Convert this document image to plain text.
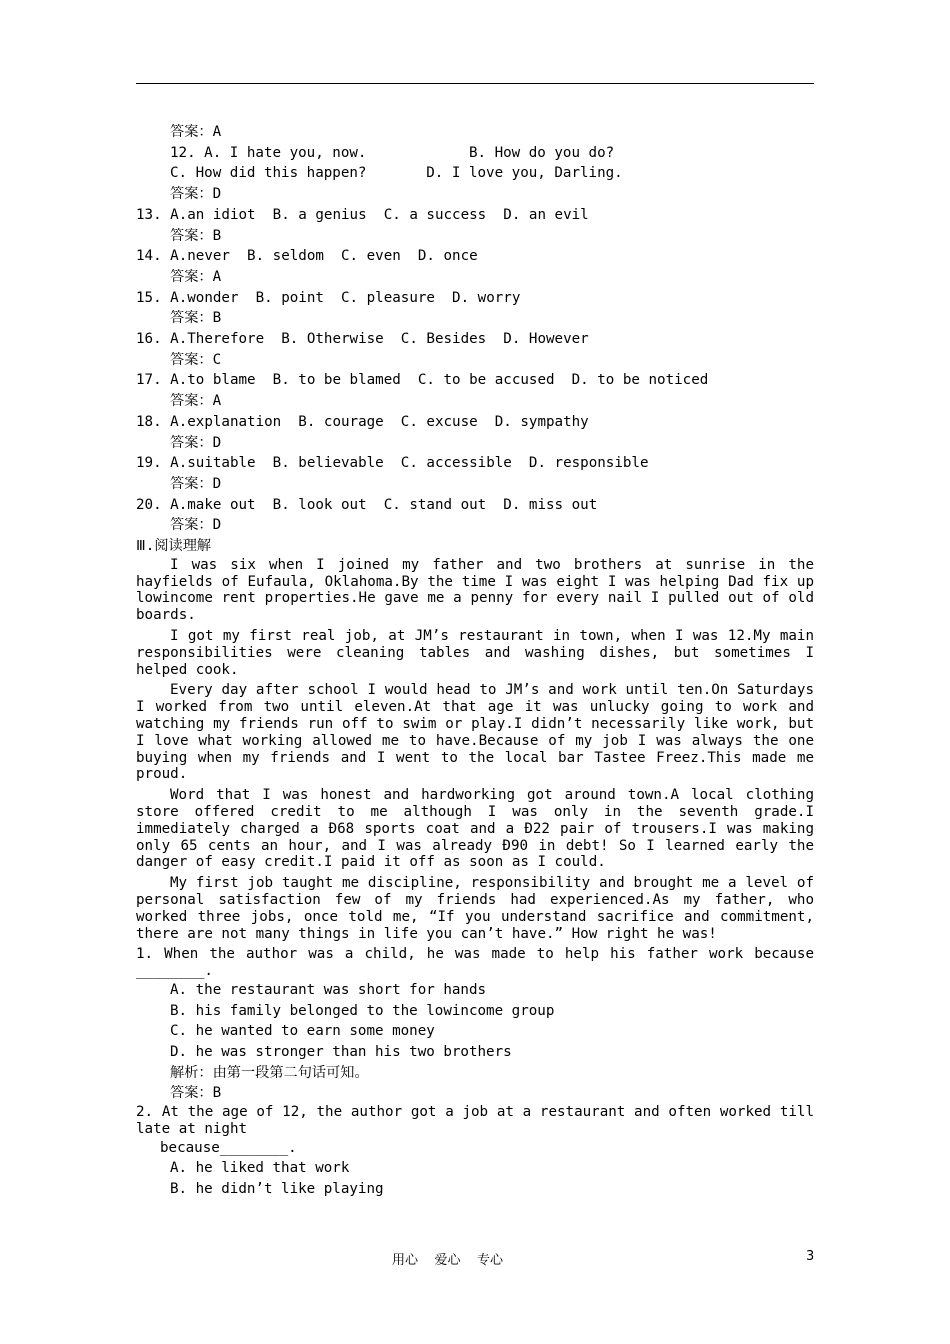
答案：A
12. A. I hate you, now.            B. How do you do?
C. How did this happen?       D. I love you, Darling.
答案：D
13. A.an idiot  B. a genius  C. a success  D. an evil
答案：B
14. A.never  B. seldom  C. even  D. once
答案：A
15. A.wonder  B. point  C. pleasure  D. worry
答案：B
16. A.Therefore  B. Otherwise  C. Besides  D. However
答案：C
17. A.to blame  B. to be blamed  C. to be accused  D. to be noticed
答案：A
18. A.explanation  B. courage  C. excuse  D. sympathy
答案：D
19. A.suitable  B. believable  C. accessible  D. responsible
答案：D
20. A.make out  B. look out  C. stand out  D. miss out
答案：D
Ⅲ.阅读理解

I was six when I joined my father and two brothers at sunrise in the hayfields of Eufaula, Oklahoma.By the time I was eight I was helping Dad fix up lowincome rent properties.He gave me a penny for every nail I pulled out of old boards.

I got my first real job, at JM’s restaurant in town, when I was 12.My main responsibilities were cleaning tables and washing dishes, but sometimes I helped cook.

Every day after school I would head to JM’s and work until ten.On Saturdays I worked from two until eleven.At that age it was unlucky going to work and watching my friends run off to swim or play.I didn’t necessarily like work, but I love what working allowed me to have.Because of my job I was always the one buying when my friends and I went to the local bar Tastee Freez.This made me proud.

Word that I was honest and hardworking got around town.A local clothing store offered credit to me although I was only in the seventh grade.I immediately charged a Ð68 sports coat and a Ð22 pair of trousers.I was making only 65 cents an hour, and I was already Ð90 in debt! So I learned early the danger of easy credit.I paid it off as soon as I could.

My first job taught me discipline, responsibility and brought me a level of personal satisfaction few of my friends had experienced.As my father, who worked three jobs, once told me, “If you understand sacrifice and commitment, there are not many things in life you can’t have.” How right he was!

1. When the author was a child, he was made to help his father work because ________.

A. the restaurant was short for hands
B. his family belonged to the lowincome group
C. he wanted to earn some money
D. he was stronger than his two brothers
解析：由第一段第二句话可知。
答案：B

2. At the age of 12, the author got a job at a restaurant and often worked till late at night

because________.
A. he liked that work
B. he didn’t like playing
用心    爱心    专心	3
